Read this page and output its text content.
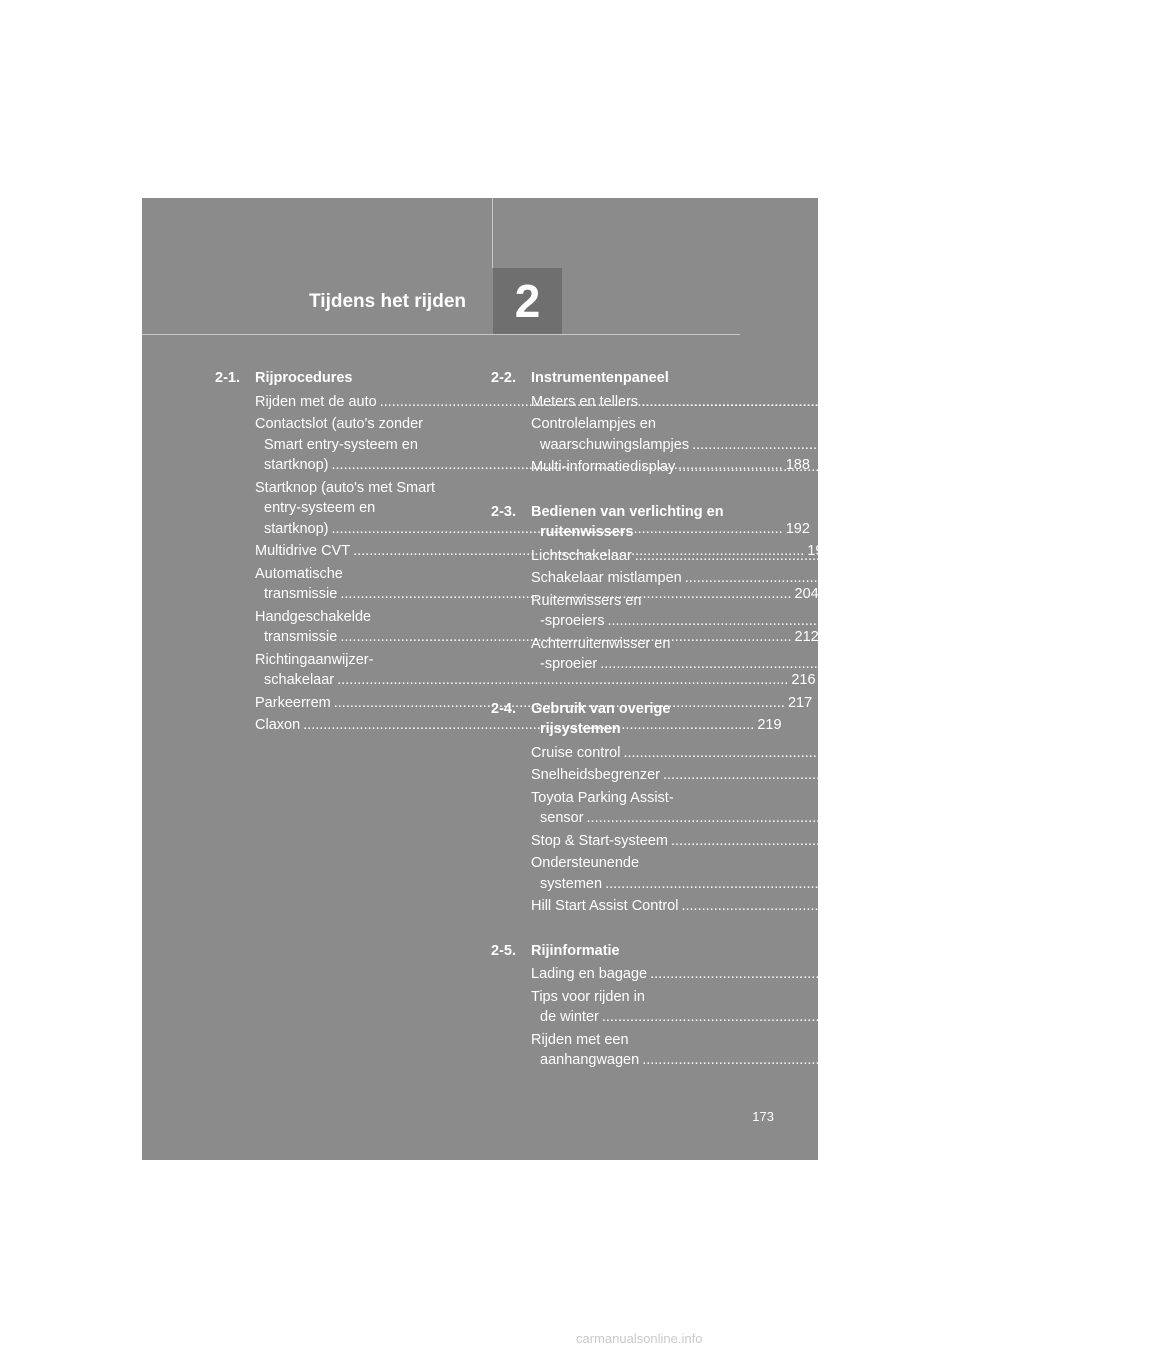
Tijdens het rijden 2
2-1.	Rijprocedures
Rijden met de auto .....	174
Contactslot (auto's zonder
Smart entry-systeem en
startknop) .....	188
Startknop (auto's met Smart
entry-systeem en
startknop) .....	192
Multidrive CVT .....	198
Automatische
transmissie .....	204
Handgeschakelde
transmissie .....	212
Richtingaanwijzer-
schakelaar .....	216
Parkeerrem .....	217
Claxon .....	219
2-2.	Instrumentenpaneel
Meters en tellers .....	220
Controlelampjes en
waarschuwingslampjes .....	224
Multi-informatiedisplay .....	230
2-3.	Bedienen van verlichting en
ruitenwissers
Lichtschakelaar .....	242
Schakelaar mistlampen .....	249
Ruitenwissers en
-sproeiers .....	250
Achterruitenwisser en
-sproeier .....	256
2-4.	Gebruik van overige
rijsystemen
Cruise control .....	257
Snelheidsbegrenzer .....	261
Toyota Parking Assist-
sensor .....	264
Stop & Start-systeem .....	272
Ondersteunende
systemen .....	279
Hill Start Assist Control .....	285
2-5.	Rijinformatie
Lading en bagage .....	287
Tips voor rijden in
de winter .....	290
Rijden met een
aanhangwagen .....	295
173
carmanualsonline.info
